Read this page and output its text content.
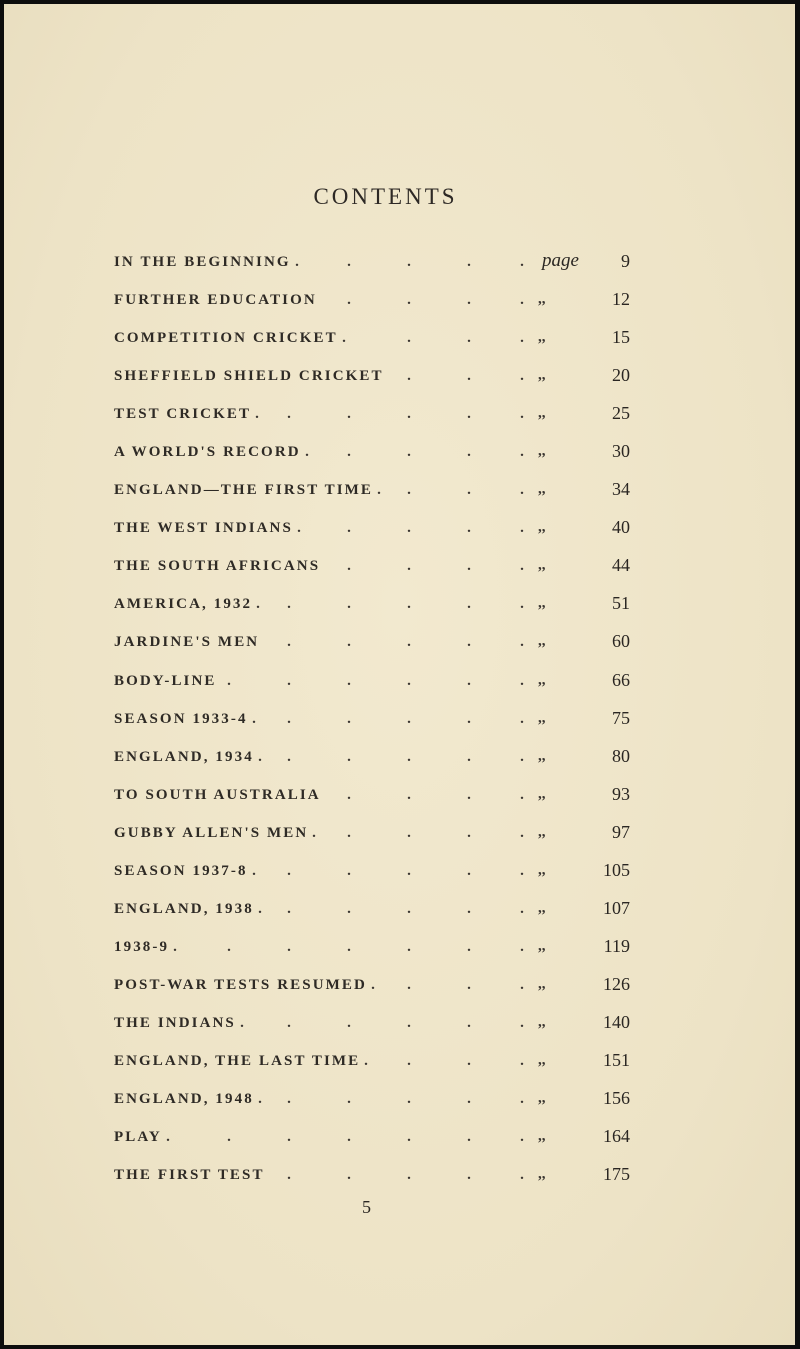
CONTENTS
IN THE BEGINNING .	.	.	.	. page 9
FURTHER EDUCATION .	.	.	. ,,	12
COMPETITION CRICKET .	.	.	. ,,	15
SHEFFIELD SHIELD CRICKET .	.	. ,,	20
TEST CRICKET . .	.	.	.	. ,,	25
A WORLD'S RECORD .	.	.	.	. ,,	30
ENGLAND—THE FIRST TIME . .	.	. ,,	34
THE WEST INDIANS .	.	.	.	. ,,	40
THE SOUTH AFRICANS .	.	.	. ,,	44
AMERICA, 1932 . .	.	.	.	. ,,	51
JARDINE'S MEN .	.	.	.	. ,,	60
BODY-LINE .	.	.	.	.	. ,,	66
SEASON 1933-4 . .	.	.	.	. ,,	75
ENGLAND, 1934 . .	.	.	.	. ,,	80
TO SOUTH AUSTRALIA .	.	.	. ,,	93
GUBBY ALLEN'S MEN . .	.	.	. ,,	97
SEASON 1937-8 . .	.	.	.	. ,,	105
ENGLAND, 1938 . .	.	.	.	. ,,	107
1938-9 .	.	.	.	.	.	. ,,	119
POST-WAR TESTS RESUMED . .	.	. ,,	126
THE INDIANS .	.	.	.	.	. ,,	140
ENGLAND, THE LAST TIME .	.	.	. ,,	151
ENGLAND, 1948 . .	.	.	.	. ,,	156
PLAY .	.	.	.	.	.	. ,,	164
THE FIRST TEST .	.	.	.	. ,,	175
5
